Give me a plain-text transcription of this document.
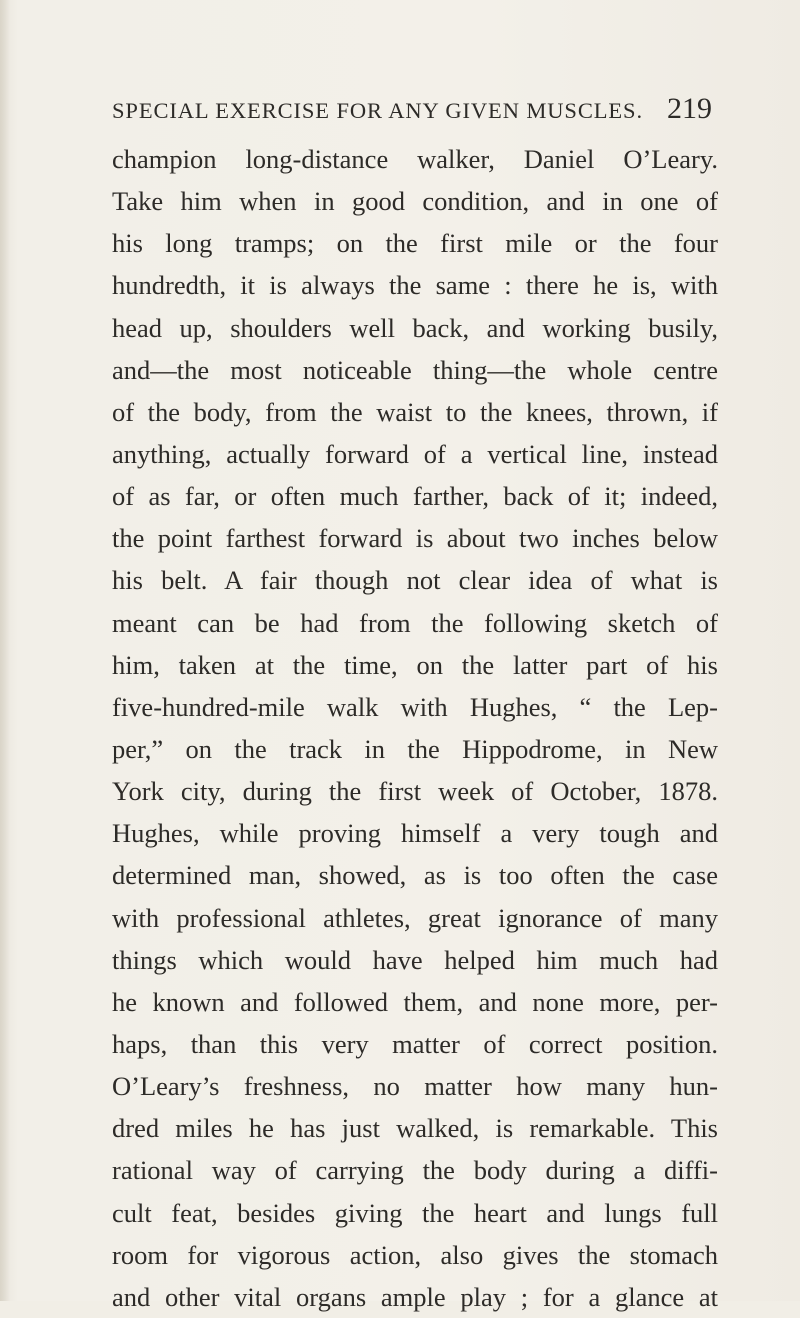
SPECIAL EXERCISE FOR ANY GIVEN MUSCLES. 219
champion long-distance walker, Daniel O’Leary.
Take him when in good condition, and in one of
his long tramps; on the first mile or the four
hundredth, it is always the same : there he is, with
head up, shoulders well back, and working busily,
and—the most noticeable thing—the whole centre
of the body, from the waist to the knees, thrown, if
anything, actually forward of a vertical line, instead
of as far, or often much farther, back of it; indeed,
the point farthest forward is about two inches below
his belt. A fair though not clear idea of what is
meant can be had from the following sketch of
him, taken at the time, on the latter part of his
five-hundred-mile walk with Hughes, “ the Lep-
per,” on the track in the Hippodrome, in New
York city, during the first week of October, 1878.
Hughes, while proving himself a very tough and
determined man, showed, as is too often the case
with professional athletes, great ignorance of many
things which would have helped him much had
he known and followed them, and none more, per-
haps, than this very matter of correct position.
O’Leary’s freshness, no matter how many hun-
dred miles he has just walked, is remarkable. This
rational way of carrying the body during a diffi-
cult feat, besides giving the heart and lungs full
room for vigorous action, also gives the stomach
and other vital organs ample play ; for a glance at
